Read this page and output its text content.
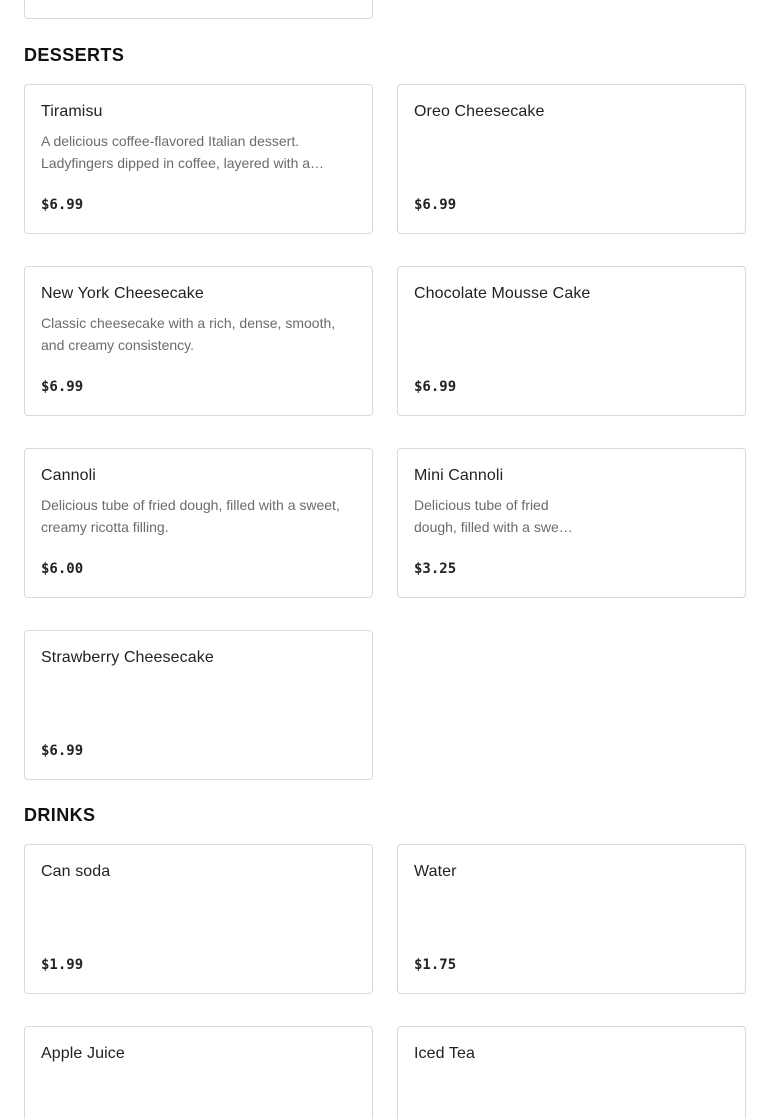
DESSERTS
Tiramisu
A delicious coffee-flavored Italian dessert. Ladyfingers dipped in coffee, layered with a…
$6.99
Oreo Cheesecake
$6.99
New York Cheesecake
Classic cheesecake with a rich, dense, smooth, and creamy consistency.
$6.99
Chocolate Mousse Cake
$6.99
Cannoli
Delicious tube of fried dough, filled with a sweet, creamy ricotta filling.
$6.00
Mini Cannoli
Delicious tube of fried dough, filled with a swe…
$3.25
Strawberry Cheesecake
$6.99
DRINKS
Can soda
$1.99
Water
$1.75
Apple Juice	Iced Tea
